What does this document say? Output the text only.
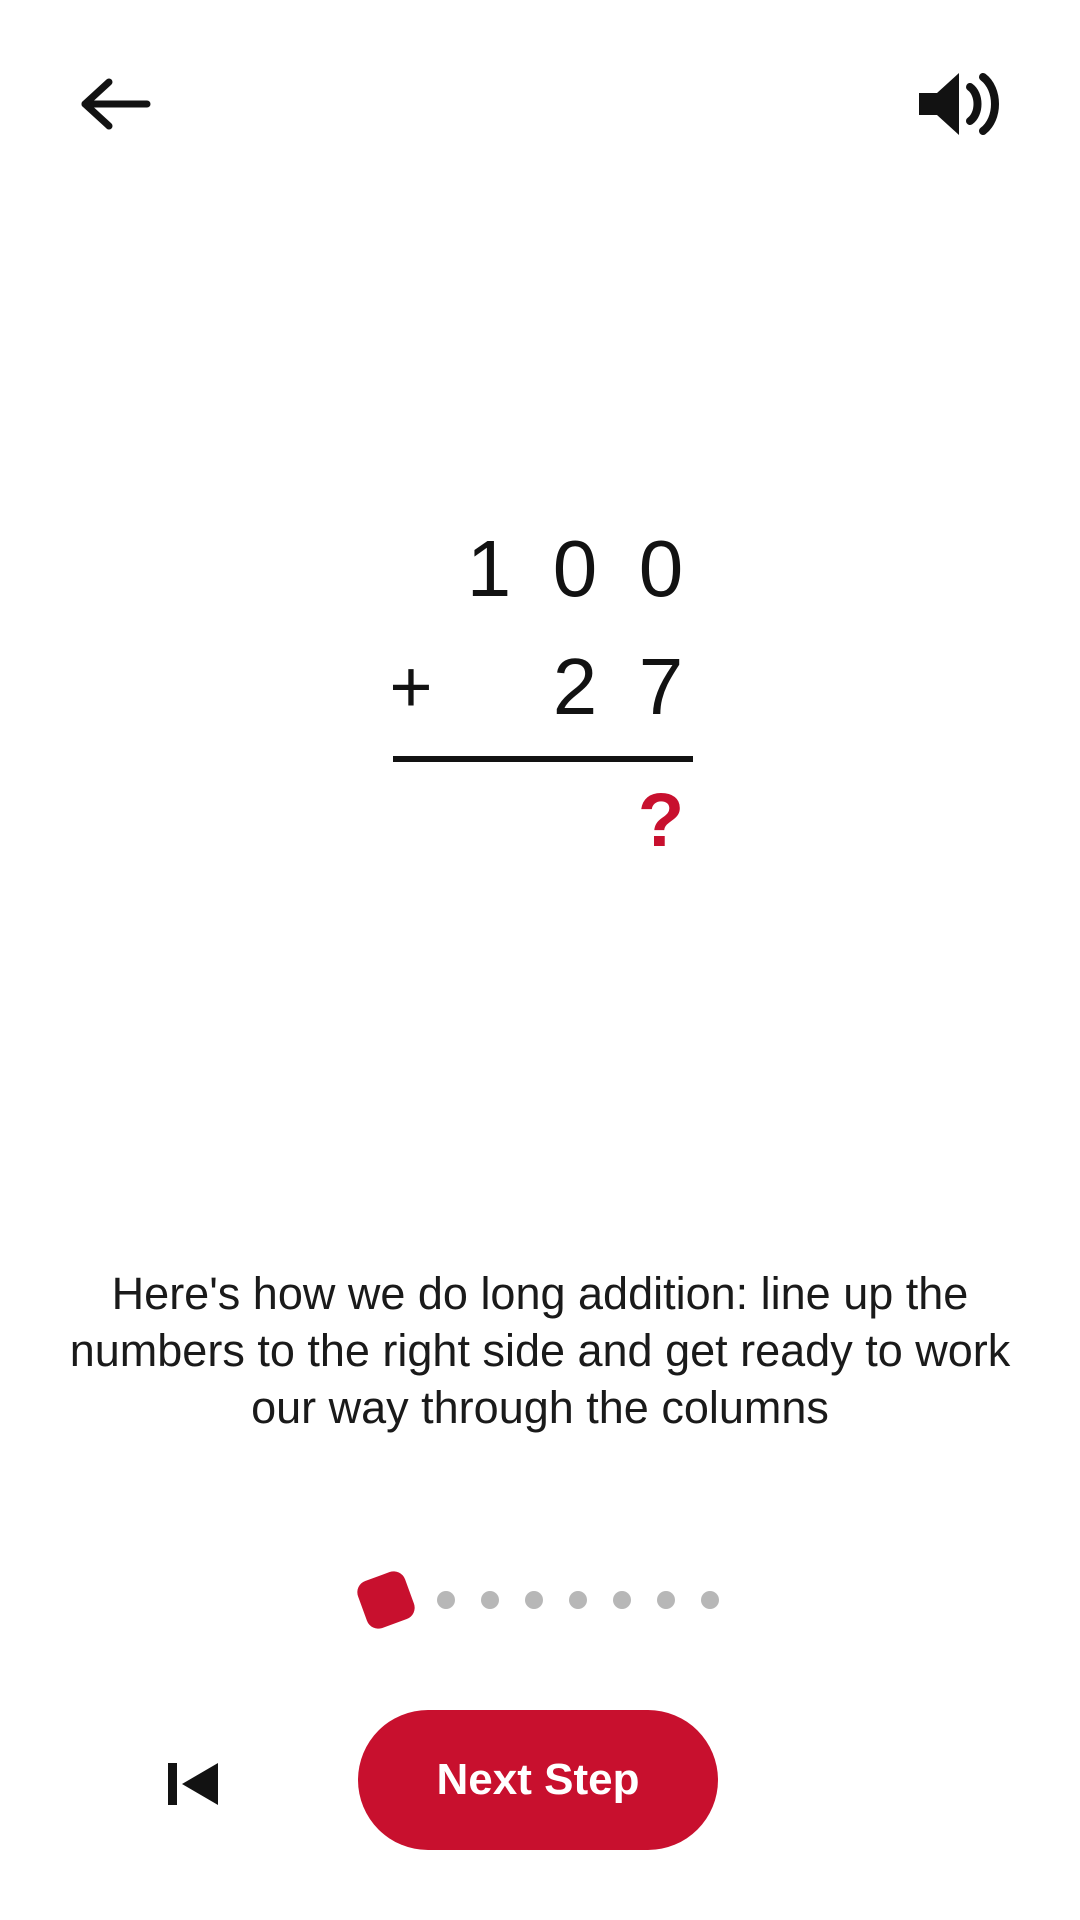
1 0 0
+ 2 7
?
Here's how we do long addition: line up the numbers to the right side and get ready to work our way through the columns
Next Step
